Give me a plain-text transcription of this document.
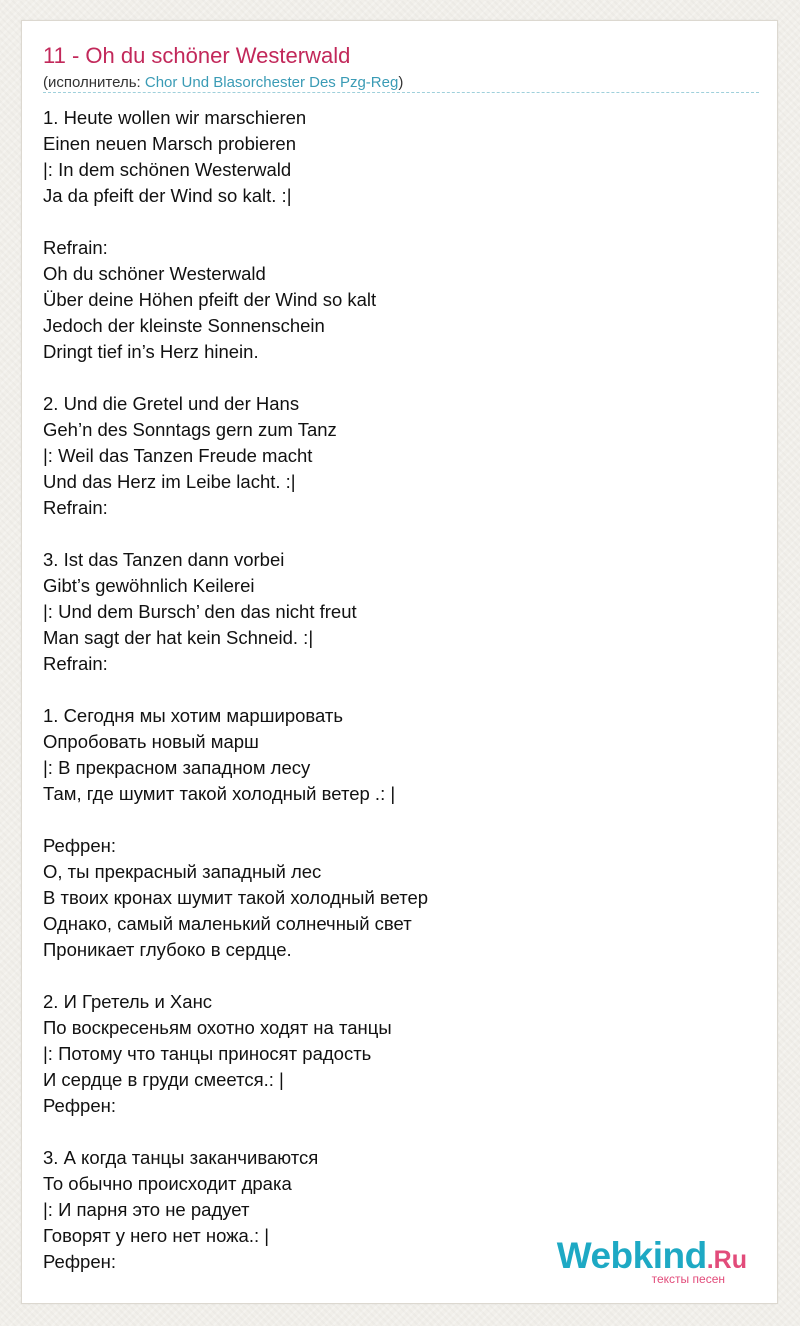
11 - Oh du schöner Westerwald
(исполнитель: Chor Und Blasorchester Des Pzg-Reg)
1. Heute wollen wir marschieren
Einen neuen Marsch probieren
|: In dem schönen Westerwald
Ja da pfeift der Wind so kalt. :|
Refrain:
Oh du schöner Westerwald
Über deine Höhen pfeift der Wind so kalt
Jedoch der kleinste Sonnenschein
Dringt tief in’s Herz hinein.
2. Und die Gretel und der Hans
Geh’n des Sonntags gern zum Tanz
|: Weil das Tanzen Freude macht
Und das Herz im Leibe lacht. :|
Refrain:
3. Ist das Tanzen dann vorbei
Gibt’s gewöhnlich Keilerei
|: Und dem Bursch’ den das nicht freut
Man sagt der hat kein Schneid. :|
Refrain:
1. Сегодня мы хотим маршировать
Опробовать новый марш
|: В прекрасном западном лесу
Там, где шумит такой холодный ветер .: |
Рефрен:
О, ты прекрасный западный лес
В твоих кронах шумит такой холодный ветер
Однако, самый маленький солнечный свет
Проникает глубоко в сердце.
2. И Гретель и Ханс
По воскресеньям охотно ходят на танцы
|: Потому что танцы приносят радость
И сердце в груди смеется.: |
Рефрен:
3. А когда танцы заканчиваются
То обычно происходит драка
|: И парня это не радует
Говорят у него нет ножа.: |
Рефрен:	Webkind.Ru
тексты песен
